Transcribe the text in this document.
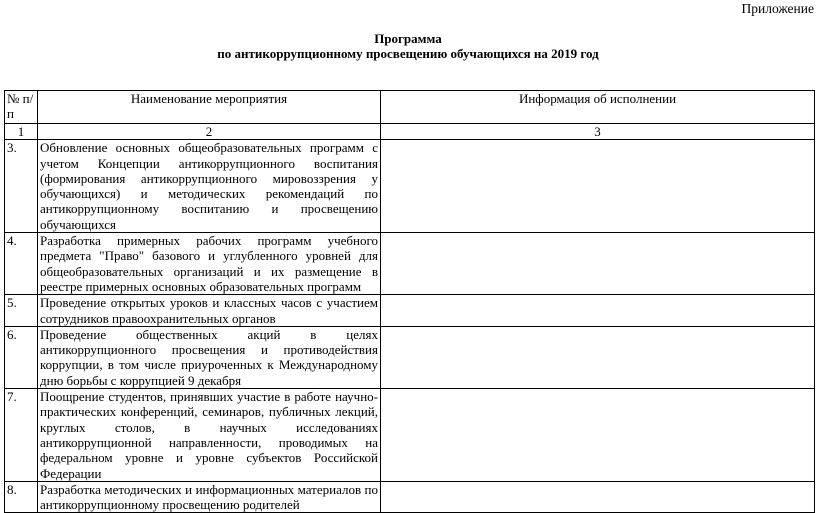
Приложение
Программа
по антикоррупционному просвещению обучающихся на 2019 год
№ п/п	Наименование мероприятия	Информация об исполнении
1	2	3
3.	Обновление основных общеобразовательных программ с учетом Концепции антикоррупционного воспитания (формирования антикоррупционного мировоззрения у обучающихся) и методических рекомендаций по антикоррупционному воспитанию и просвещению обучающихся	
4.	Разработка примерных рабочих программ учебного предмета "Право" базового и углубленного уровней для общеобразовательных организаций и их размещение в реестре примерных основных образовательных программ	
5.	Проведение открытых уроков и классных часов с участием сотрудников правоохранительных органов	
6.	Проведение общественных акций в целях антикоррупционного просвещения и противодействия коррупции, в том числе приуроченных к Международному дню борьбы с коррупцией 9 декабря	
7.	Поощрение студентов, принявших участие в работе научно-практических конференций, семинаров, публичных лекций, круглых столов, в научных исследованиях антикоррупционной направленности, проводимых на федеральном уровне и уровне субъектов Российской Федерации	
8.	Разработка методических и информационных материалов по антикоррупционному просвещению родителей	
